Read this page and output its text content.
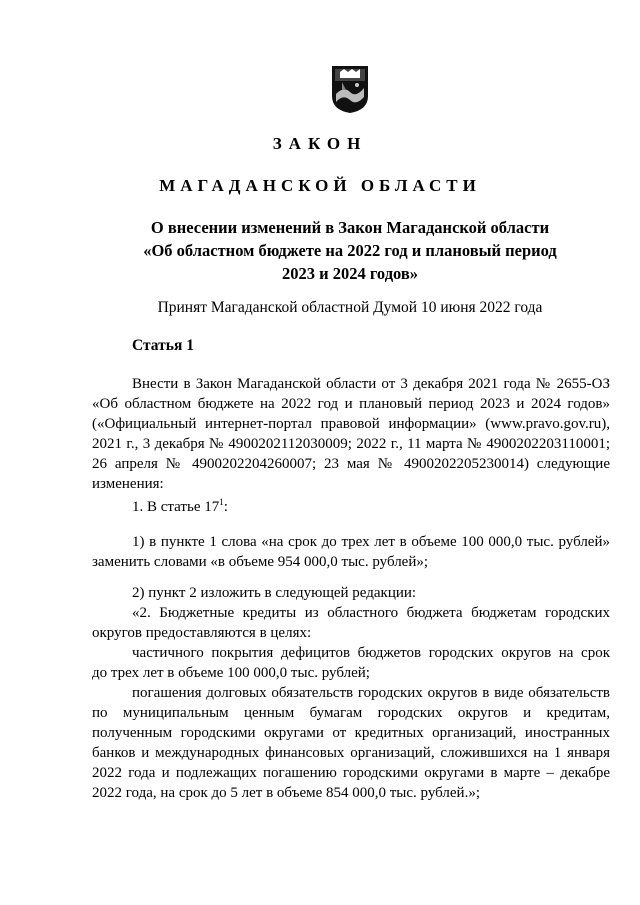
ЗАКОН
МАГАДАНСКОЙ ОБЛАСТИ
О внесении изменений в Закон Магаданской области
«Об областном бюджете на 2022 год и плановый период
2023 и 2024 годов»
Принят Магаданской областной Думой 10 июня 2022 года
Статья 1
Внести в Закон Магаданской области от 3 декабря 2021 года № 2655-ОЗ
«Об областном бюджете на 2022 год и плановый период 2023 и 2024 годов»
(«Официальный интернет-портал правовой информации» (www.pravo.gov.ru),
2021 г., 3 декабря № 4900202112030009; 2022 г., 11 марта № 4900202203110001;
26 апреля № 4900202204260007; 23 мая № 4900202205230014) следующие
изменения:
1. В статье $17^1$:
1) в пункте 1 слова «на срок до трех лет в объеме 100 000,0 тыс. рублей»
заменить словами «в объеме 954 000,0 тыс. рублей»;
2) пункт 2 изложить в следующей редакции:
«2. Бюджетные кредиты из областного бюджета бюджетам городских
округов предоставляются в целях:
частичного покрытия дефицитов бюджетов городских округов на срок
до трех лет в объеме 100 000,0 тыс. рублей;
погашения долговых обязательств городских округов в виде обязательств
по муниципальным ценным бумагам городских округов и кредитам,
полученным городскими округами от кредитных организаций, иностранных
банков и международных финансовых организаций, сложившихся на 1 января
2022 года и подлежащих погашению городскими округами в марте – декабре
2022 года, на срок до 5 лет в объеме 854 000,0 тыс. рублей.»;
